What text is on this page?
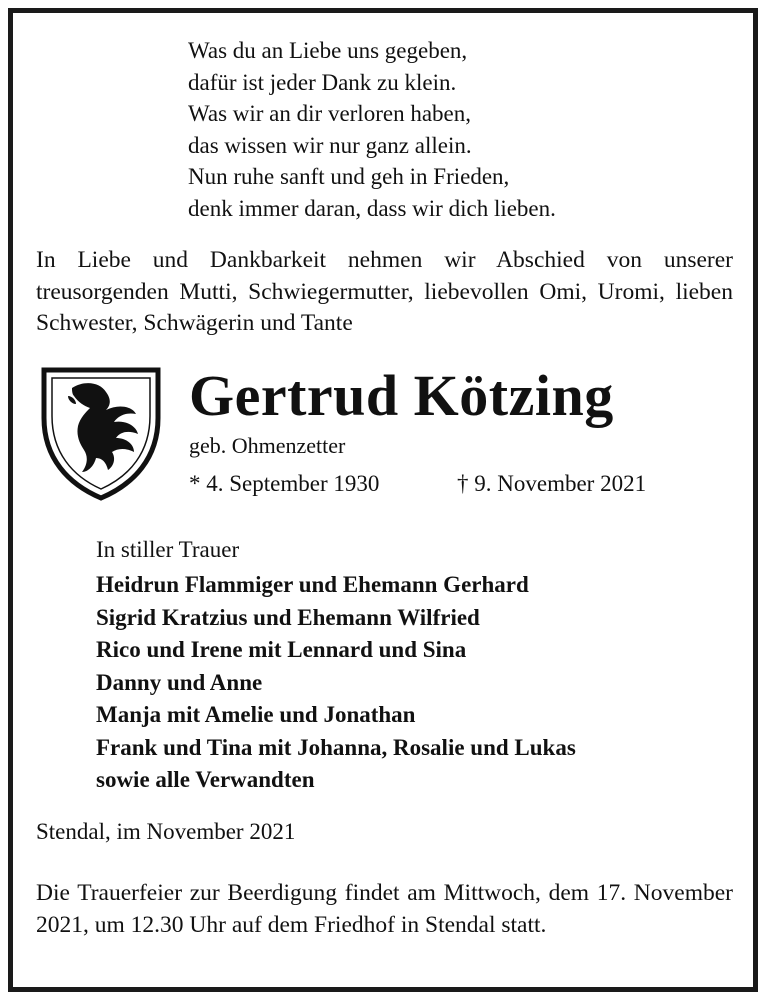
Was du an Liebe uns gegeben,
dafür ist jeder Dank zu klein.
Was wir an dir verloren haben,
das wissen wir nur ganz allein.
Nun ruhe sanft und geh in Frieden,
denk immer daran, dass wir dich lieben.
In Liebe und Dankbarkeit nehmen wir Abschied von unserer treusorgenden Mutti, Schwiegermutter, liebevollen Omi, Uromi, lieben Schwester, Schwägerin und Tante
Gertrud Kötzing
geb. Ohmenzetter
* 4. September 1930	† 9. November 2021
In stiller Trauer
Heidrun Flammiger und Ehemann Gerhard
Sigrid Kratzius und Ehemann Wilfried
Rico und Irene mit Lennard und Sina
Danny und Anne
Manja mit Amelie und Jonathan
Frank und Tina mit Johanna, Rosalie und Lukas
sowie alle Verwandten
Stendal, im November 2021
Die Trauerfeier zur Beerdigung findet am Mittwoch, dem 17. November 2021, um 12.30 Uhr auf dem Friedhof in Stendal statt.
